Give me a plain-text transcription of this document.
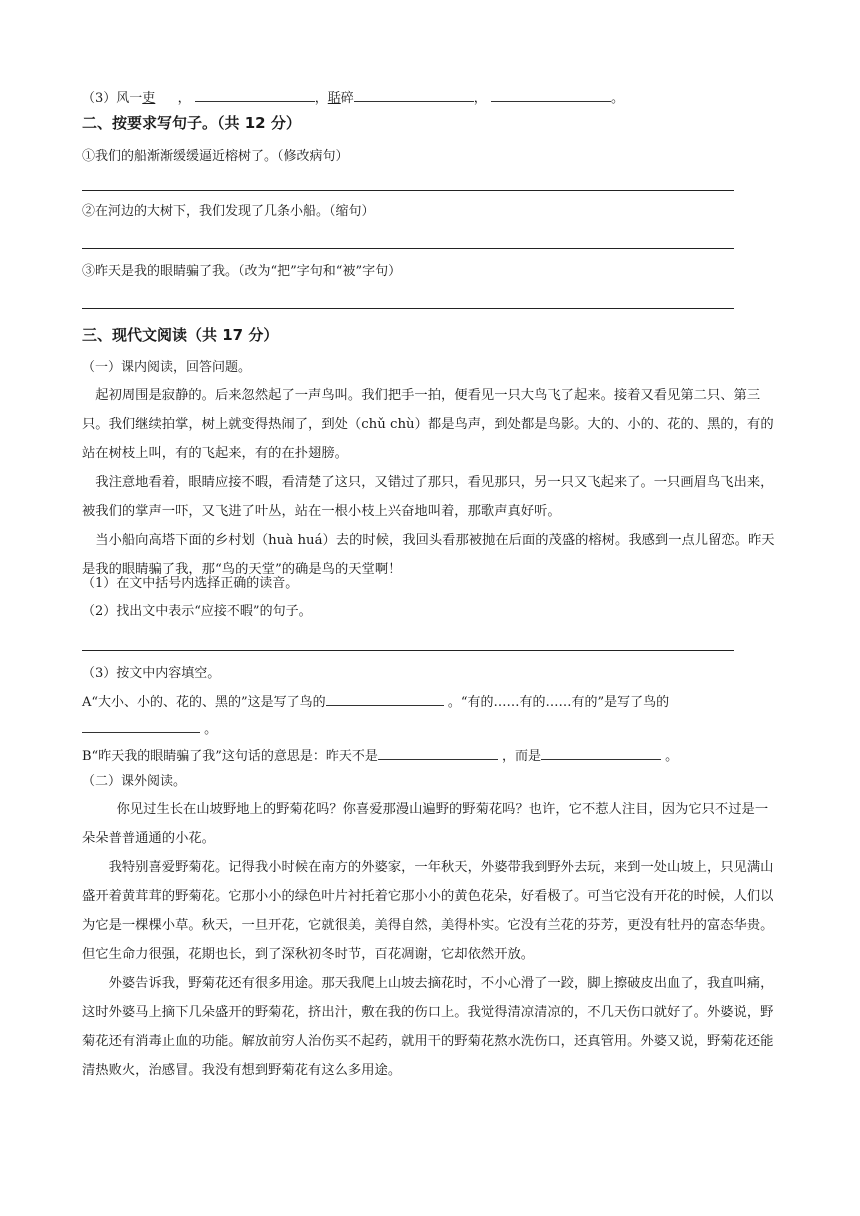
（3）风一吏 ，	，聒碎	，	。
二、按要求写句子。（共 12 分）
①我们的船渐渐缓缓逼近榕树了。（修改病句）
②在河边的大树下，我们发现了几条小船。（缩句）
③昨天是我的眼睛骗了我。（改为“把”字句和“被”字句）
三、现代文阅读（共 17 分）
（一）课内阅读，回答问题。

起初周围是寂静的。后来忽然起了一声鸟叫。我们把手一拍，便看见一只大鸟飞了起来。接着又看见第二只、第三只。我们继续拍掌，树上就变得热闹了，到处（chǔ chù）都是鸟声，到处都是鸟影。大的、小的、花的、黑的，有的站在树枝上叫，有的飞起来，有的在扑翅膀。

我注意地看着，眼睛应接不暇，看清楚了这只，又错过了那只，看见那只，另一只又飞起来了。一只画眉鸟飞出来，被我们的掌声一吓，又飞进了叶丛，站在一根小枝上兴奋地叫着，那歌声真好听。

当小船向高塔下面的乡村划（huà huá）去的时候，我回头看那被抛在后面的茂盛的榕树。我感到一点儿留恋。昨天是我的眼睛骗了我，那“鸟的天堂”的确是鸟的天堂啊！

（1）在文中括号内选择正确的读音。
（2）找出文中表示“应接不暇”的句子。
（3）按文中内容填空。
A“大小、小的、花的、黑的”这是写了鸟的	。“有的……有的……有的”是写了鸟的
。
B“昨天我的眼睛骗了我”这句话的意思是：昨天不是	，而是	。
（二）课外阅读。

你见过生长在山坡野地上的野菊花吗？你喜爱那漫山遍野的野菊花吗？也许，它不惹人注目，因为它只不过是一朵朵普普通通的小花。

我特别喜爱野菊花。记得我小时候在南方的外婆家，一年秋天，外婆带我到野外去玩，来到一处山坡上，只见满山盛开着黄茸茸的野菊花。它那小小的绿色叶片衬托着它那小小的黄色花朵，好看极了。可当它没有开花的时候，人们以为它是一棵棵小草。秋天，一旦开花，它就很美，美得自然，美得朴实。它没有兰花的芬芳，更没有牡丹的富态华贵。但它生命力很强，花期也长，到了深秋初冬时节，百花凋谢，它却依然开放。

外婆告诉我，野菊花还有很多用途。那天我爬上山坡去摘花时，不小心滑了一跤，脚上擦破皮出血了，我直叫痛，这时外婆马上摘下几朵盛开的野菊花，挤出汁，敷在我的伤口上。我觉得清凉清凉的，不几天伤口就好了。外婆说，野菊花还有消毒止血的功能。解放前穷人治伤买不起药，就用干的野菊花熬水洗伤口，还真管用。外婆又说，野菊花还能清热败火，治感冒。我没有想到野菊花有这么多用途。
